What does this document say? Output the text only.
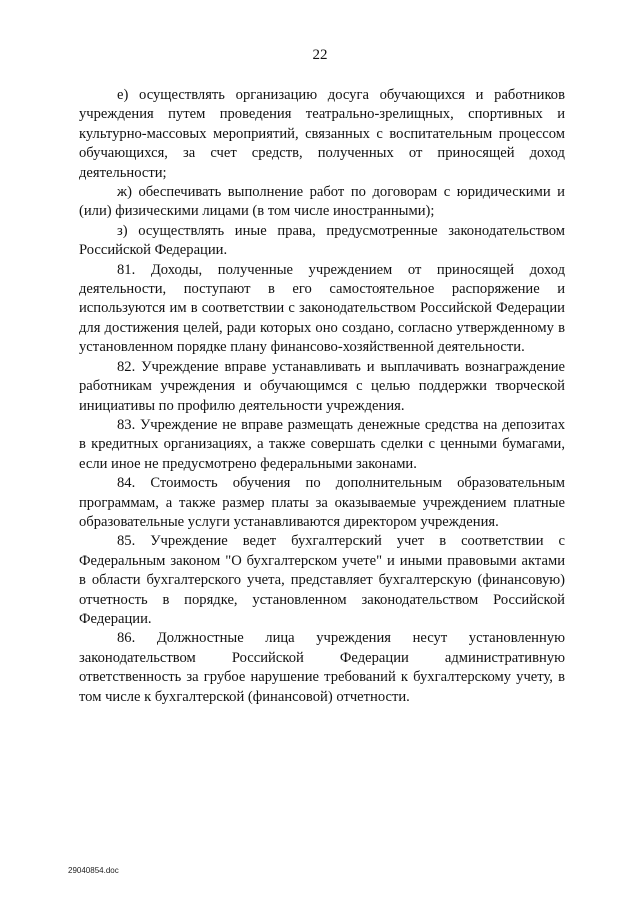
22

е) осуществлять организацию досуга обучающихся и работников учреждения путем проведения театрально-зрелищных, спортивных и культурно-массовых мероприятий, связанных с воспитательным процессом обучающихся, за счет средств, полученных от приносящей доход деятельности;

ж) обеспечивать выполнение работ по договорам с юридическими и (или) физическими лицами (в том числе иностранными);

з) осуществлять иные права, предусмотренные законодательством Российской Федерации.

81. Доходы, полученные учреждением от приносящей доход деятельности, поступают в его самостоятельное распоряжение и используются им в соответствии с законодательством Российской Федерации для достижения целей, ради которых оно создано, согласно утвержденному в установленном порядке плану финансово-хозяйственной деятельности.

82. Учреждение вправе устанавливать и выплачивать вознаграждение работникам учреждения и обучающимся с целью поддержки творческой инициативы по профилю деятельности учреждения.

83. Учреждение не вправе размещать денежные средства на депозитах в кредитных организациях, а также совершать сделки с ценными бумагами, если иное не предусмотрено федеральными законами.

84. Стоимость обучения по дополнительным образовательным программам, а также размер платы за оказываемые учреждением платные образовательные услуги устанавливаются директором учреждения.

85. Учреждение ведет бухгалтерский учет в соответствии с Федеральным законом "О бухгалтерском учете" и иными правовыми актами в области бухгалтерского учета, представляет бухгалтерскую (финансовую) отчетность в порядке, установленном законодательством Российской Федерации.

86. Должностные лица учреждения несут установленную законодательством Российской Федерации административную ответственность за грубое нарушение требований к бухгалтерскому учету, в том числе к бухгалтерской (финансовой) отчетности.

29040854.doc
